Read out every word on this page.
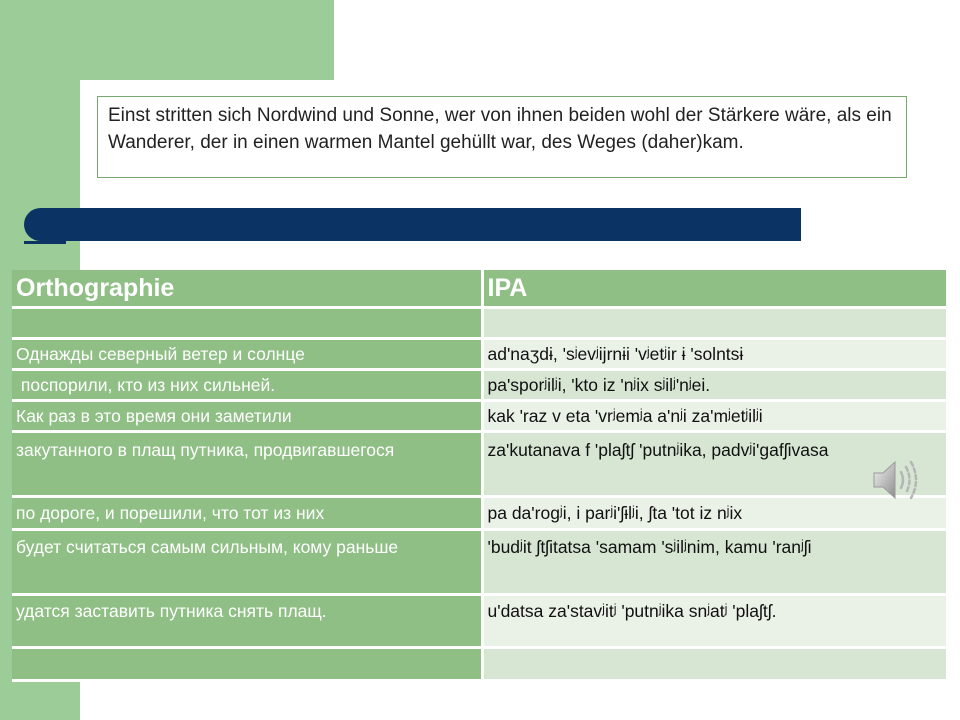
Einst stritten sich Nordwind und Sonne, wer von ihnen beiden wohl der Stärkere wäre, als ein Wanderer, der in einen warmen Mantel gehüllt war, des Weges (daher)kam.
Orthographie	IPA

Однажды северный ветер и солнце	ad'naʒdɨ, 'sʲevʲijrnɨi 'vʲetʲir ɨ 'solntsɨ
поспорили, кто из них сильней.	pa'sporʲilʲi, 'kto iz 'nʲix sʲilʲ'nʲei.
Как раз в это время они заметили	kak 'raz v eta 'vrʲemʲa a'nʲi za'mʲetʲilʲi
закутанного в плащ путника, продвигавшегося	za'kutanava f 'plaʃtʃ 'putnʲika, padvʲi'gafʃivasa
по дороге, и порешили, что тот из них	pa da'rogʲi, i parʲi'ʃɨlʲi, ʃta 'tot iz nʲix
будет считаться самым сильным, кому раньше	'budʲit ʃtʃitatsa 'samam 'sʲilʲnim, kamu 'ranʲʃi
удатся заставить путника снять плащ.	u'datsa za'stavʲitʲ 'putnʲika snʲatʲ 'plaʃtʃ.
